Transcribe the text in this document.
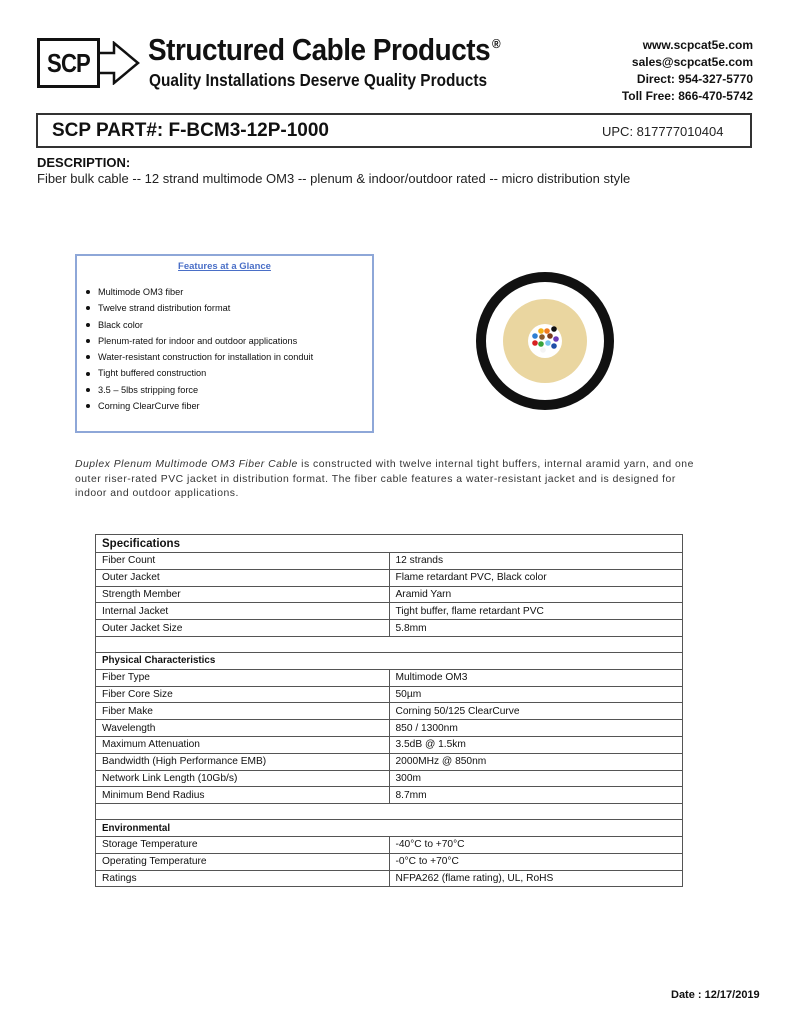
SCP Structured Cable Products ®
Quality Installations Deserve Quality Products
www.scpcat5e.com
sales@scpcat5e.com
Direct: 954-327-5770
Toll Free: 866-470-5742
SCP PART#: F-BCM3-12P-1000	UPC: 817777010404
DESCRIPTION:
Fiber bulk cable -- 12 strand multimode OM3 -- plenum & indoor/outdoor rated -- micro distribution style
Features at a Glance
Multimode OM3 fiber
Twelve strand distribution format
Black color
Plenum-rated for indoor and outdoor applications
Water-resistant construction for installation in conduit
Tight buffered construction
3.5 – 5lbs stripping force
Corning ClearCurve fiber
Duplex Plenum Multimode OM3 Fiber Cable is constructed with twelve internal tight buffers, internal aramid yarn, and one outer riser-rated PVC jacket in distribution format. The fiber cable features a water-resistant jacket and is designed for indoor and outdoor applications.
Specifications	
Fiber Count	12 strands
Outer Jacket	Flame retardant PVC, Black color
Strength Member	Aramid Yarn
Internal Jacket	Tight buffer, flame retardant PVC
Outer Jacket Size	5.8mm

Physical Characteristics	
Fiber Type	Multimode OM3
Fiber Core Size	50µm
Fiber Make	Corning 50/125 ClearCurve
Wavelength	850 / 1300nm
Maximum Attenuation	3.5dB @ 1.5km
Bandwidth (High Performance EMB)	2000MHz @ 850nm
Network Link Length (10Gb/s)	300m
Minimum Bend Radius	8.7mm

Environmental	
Storage Temperature	-40°C to +70°C
Operating Temperature	-0°C to +70°C
Ratings	NFPA262 (flame rating), UL, RoHS
Date : 12/17/2019
